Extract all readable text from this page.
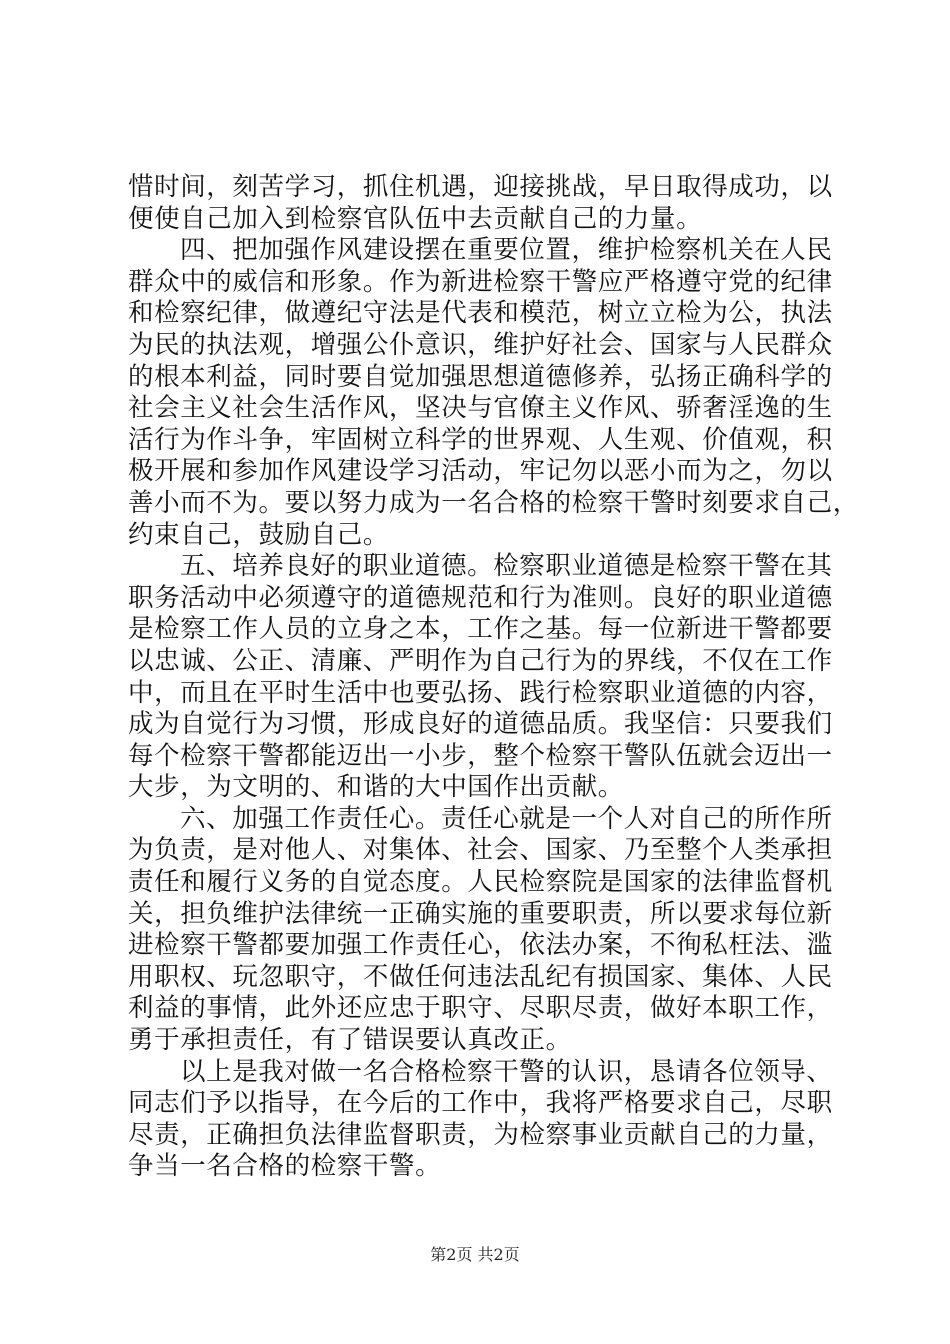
惜时间，刻苦学习，抓住机遇，迎接挑战，早日取得成功，以
便使自己加入到检察官队伍中去贡献自己的力量。
四、把加强作风建设摆在重要位置，维护检察机关在人民
群众中的威信和形象。作为新进检察干警应严格遵守党的纪律
和检察纪律，做遵纪守法是代表和模范，树立立检为公，执法
为民的执法观，增强公仆意识，维护好社会、国家与人民群众
的根本利益，同时要自觉加强思想道德修养，弘扬正确科学的
社会主义社会生活作风，坚决与官僚主义作风、骄奢淫逸的生
活行为作斗争，牢固树立科学的世界观、人生观、价值观，积
极开展和参加作风建设学习活动，牢记勿以恶小而为之，勿以
善小而不为。要以努力成为一名合格的检察干警时刻要求自己，
约束自己，鼓励自己。
五、培养良好的职业道德。检察职业道德是检察干警在其
职务活动中必须遵守的道德规范和行为准则。良好的职业道德
是检察工作人员的立身之本，工作之基。每一位新进干警都要
以忠诚、公正、清廉、严明作为自己行为的界线，不仅在工作
中，而且在平时生活中也要弘扬、践行检察职业道德的内容，
成为自觉行为习惯，形成良好的道德品质。我坚信：只要我们
每个检察干警都能迈出一小步，整个检察干警队伍就会迈出一
大步，为文明的、和谐的大中国作出贡献。
六、加强工作责任心。责任心就是一个人对自己的所作所
为负责，是对他人、对集体、社会、国家、乃至整个人类承担
责任和履行义务的自觉态度。人民检察院是国家的法律监督机
关，担负维护法律统一正确实施的重要职责，所以要求每位新
进检察干警都要加强工作责任心，依法办案，不徇私枉法、滥
用职权、玩忽职守，不做任何违法乱纪有损国家、集体、人民
利益的事情，此外还应忠于职守、尽职尽责，做好本职工作，
勇于承担责任，有了错误要认真改正。
以上是我对做一名合格检察干警的认识，恳请各位领导、
同志们予以指导，在今后的工作中，我将严格要求自己，尽职
尽责，正确担负法律监督职责，为检察事业贡献自己的力量，
争当一名合格的检察干警。
第2页 共2页
